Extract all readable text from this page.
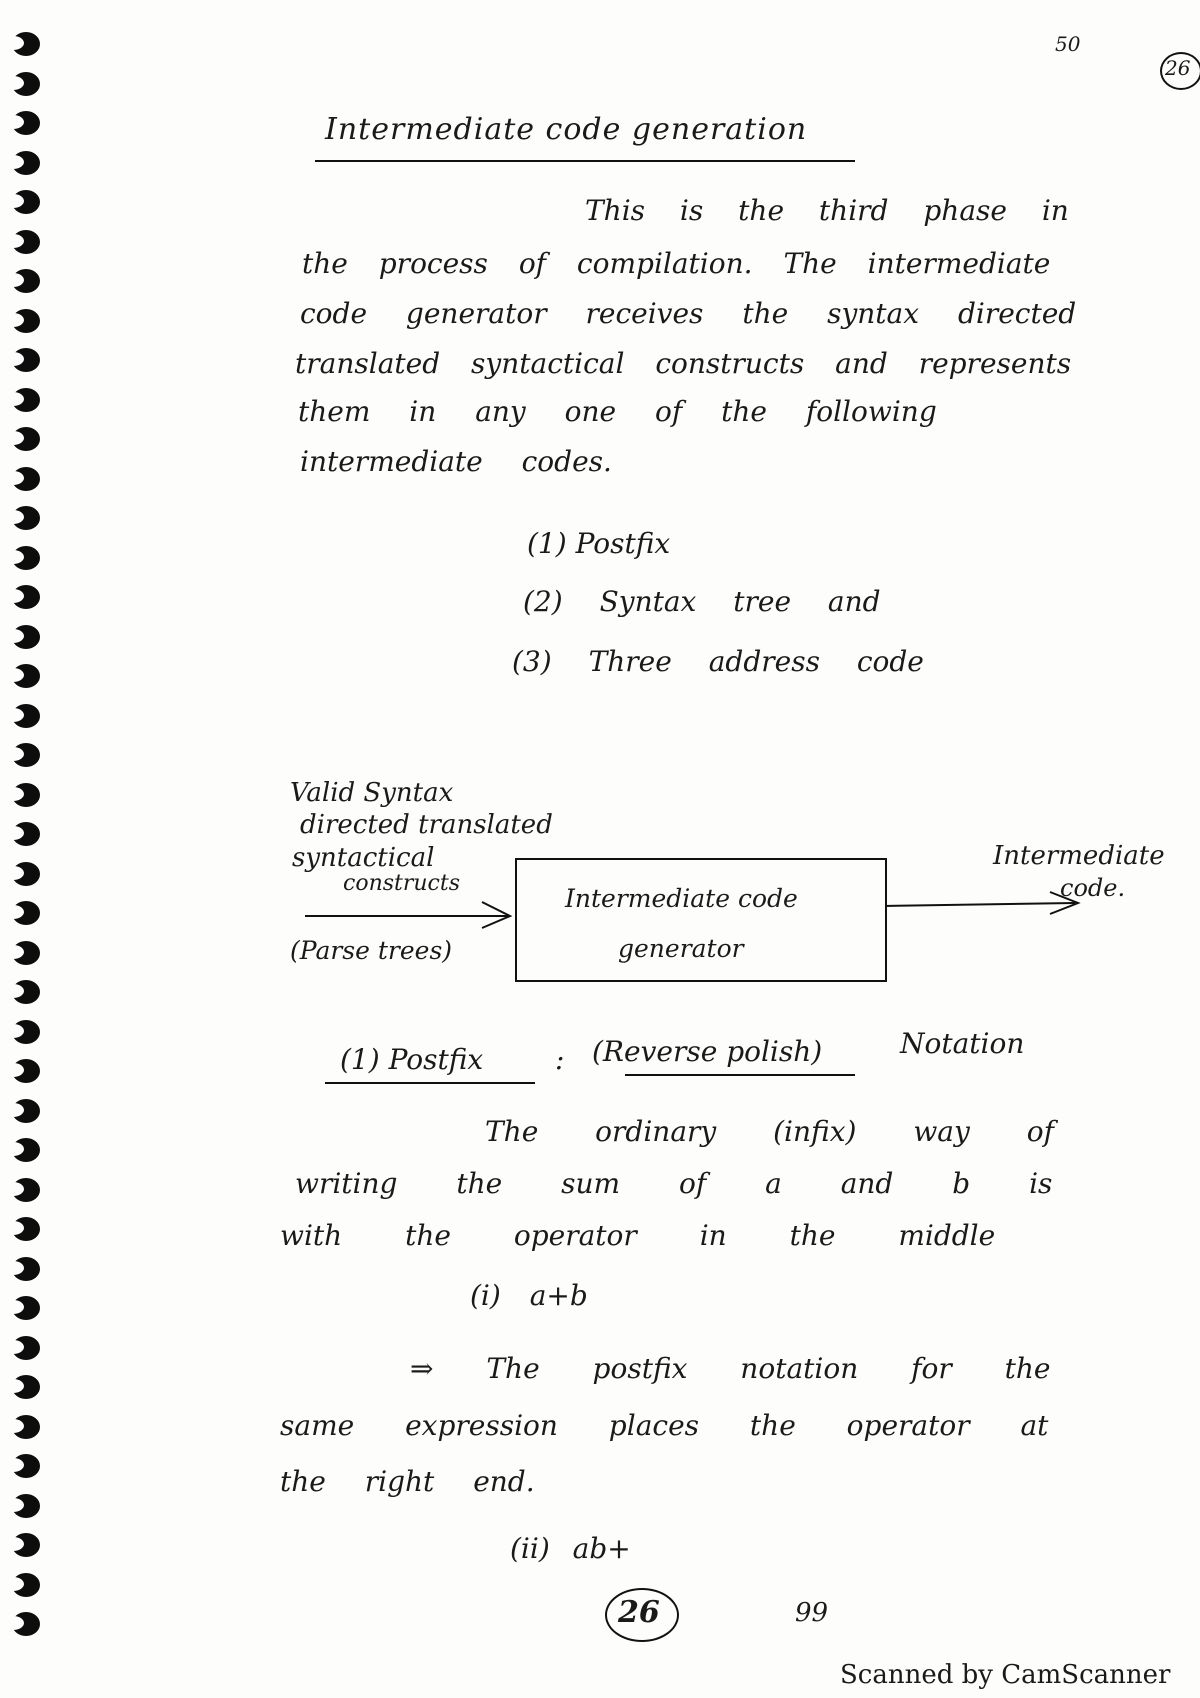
50
26
Intermediate code generation
This is the third phase in
the process of compilation. The intermediate
code generator receives the syntax directed
translated syntactical constructs and represents
them in any one of the following
intermediate codes.
(1) Postfix
(2) Syntax tree and
(3) Three address code
Valid Syntax
directed translated
syntactical
constructs
(Parse trees)
Intermediate code
generator
Intermediate
code.
(1) Postfix	: (Reverse polish)	Notation
The ordinary (infix) way of
writing the sum of a and b is
with the operator in the middle
(i) a+b
⇒ The postfix notation for the
same expression places the operator at
the right end.
(ii) ab+
26	99
Scanned by CamScanner
